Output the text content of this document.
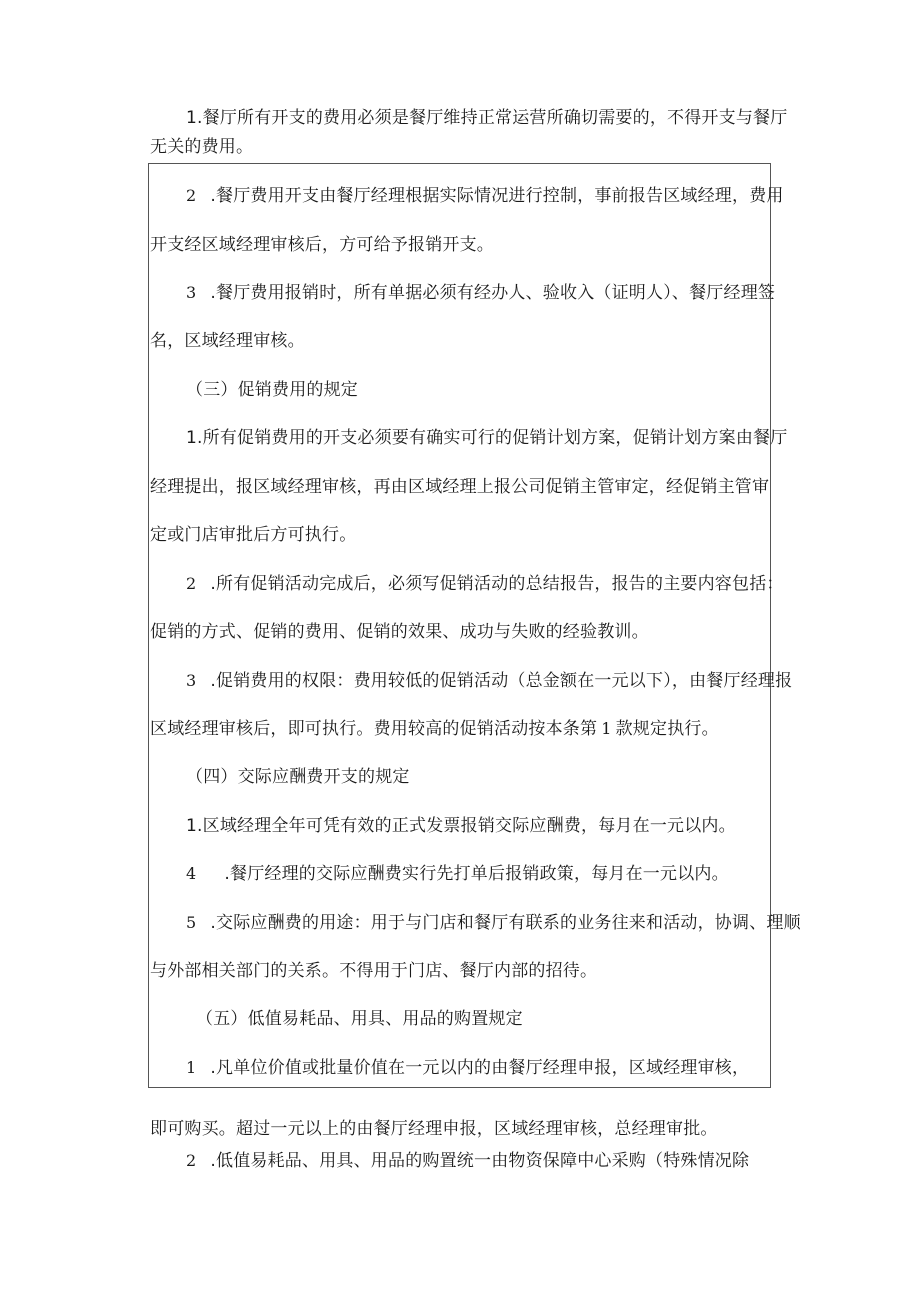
1.餐厅所有开支的费用必须是餐厅维持正常运营所确切需要的，不得开支与餐厅

无关的费用。

2 .餐厅费用开支由餐厅经理根据实际情况进行控制，事前报告区域经理，费用

开支经区域经理审核后，方可给予报销开支。

3 .餐厅费用报销时，所有单据必须有经办人、验收入（证明人）、餐厅经理签

名，区域经理审核。

（三）促销费用的规定

1.所有促销费用的开支必须要有确实可行的促销计划方案，促销计划方案由餐厅

经理提出，报区域经理审核，再由区域经理上报公司促销主管审定，经促销主管审

定或门店审批后方可执行。

2 .所有促销活动完成后，必须写促销活动的总结报告，报告的主要内容包括：

促销的方式、促销的费用、促销的效果、成功与失败的经验教训。

3 .促销费用的权限：费用较低的促销活动（总金额在一元以下），由餐厅经理报

区域经理审核后，即可执行。费用较高的促销活动按本条第 1 款规定执行。

（四）交际应酬费开支的规定

1.区域经理全年可凭有效的正式发票报销交际应酬费，每月在一元以内。

4 .餐厅经理的交际应酬费实行先打单后报销政策，每月在一元以内。

5 .交际应酬费的用途：用于与门店和餐厅有联系的业务往来和活动，协调、理顺

与外部相关部门的关系。不得用于门店、餐厅内部的招待。

（五）低值易耗品、用具、用品的购置规定

1 .凡单位价值或批量价值在一元以内的由餐厅经理申报，区域经理审核，

即可购买。超过一元以上的由餐厅经理申报，区域经理审核，总经理审批。

2 .低值易耗品、用具、用品的购置统一由物资保障中心采购（特殊情况除
